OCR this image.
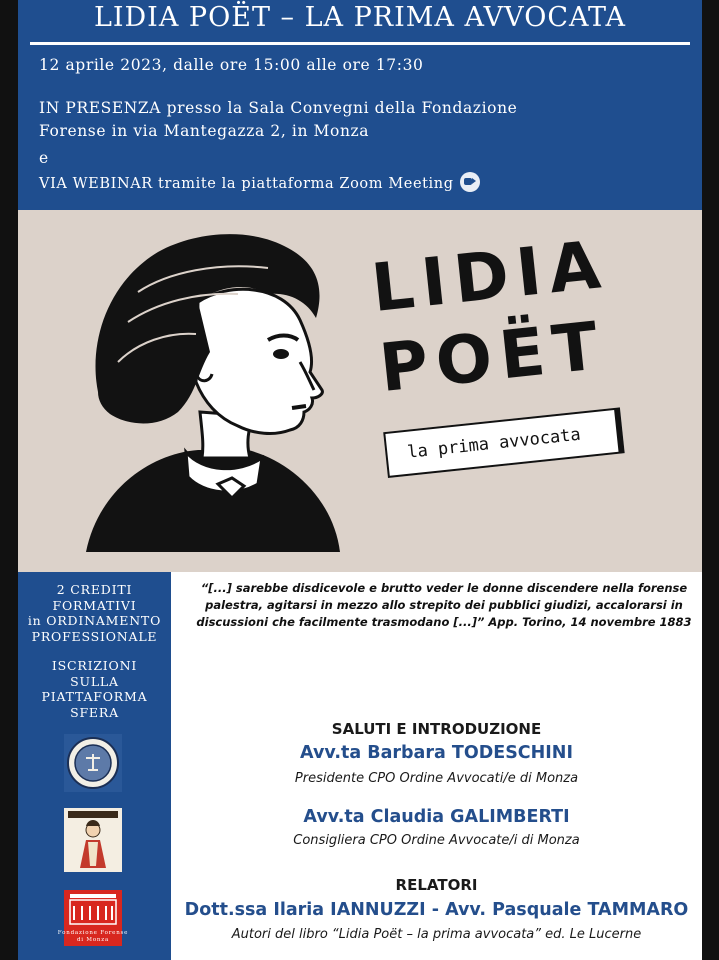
LIDIA POËT – LA PRIMA AVVOCATA
12 aprile 2023, dalle ore 15:00 alle ore 17:30
IN PRESENZA presso la Sala Convegni della Fondazione
Forense in via Mantegazza 2, in Monza
e
VIA WEBINAR tramite la piattaforma Zoom Meeting
LIDIA
POËT
la prima avvocata
2 CREDITI
FORMATIVI
in ORDINAMENTO
PROFESSIONALE
ISCRIZIONI
SULLA
PIATTAFORMA
SFERA
Fondazione Forense
di Monza
“[...] sarebbe disdicevole e brutto veder le donne discendere nella forense palestra, agitarsi in mezzo allo strepito dei pubblici giudizi, accalorarsi in discussioni che facilmente trasmodano [...]” App. Torino, 14 novembre 1883
SALUTI E INTRODUZIONE
Avv.ta Barbara TODESCHINI
Presidente CPO Ordine Avvocati/e di Monza
Avv.ta Claudia GALIMBERTI
Consigliera CPO Ordine Avvocate/i di Monza
RELATORI
Dott.ssa Ilaria IANNUZZI - Avv. Pasquale TAMMARO
Autori del libro “Lidia Poët – la prima avvocata” ed. Le Lucerne
